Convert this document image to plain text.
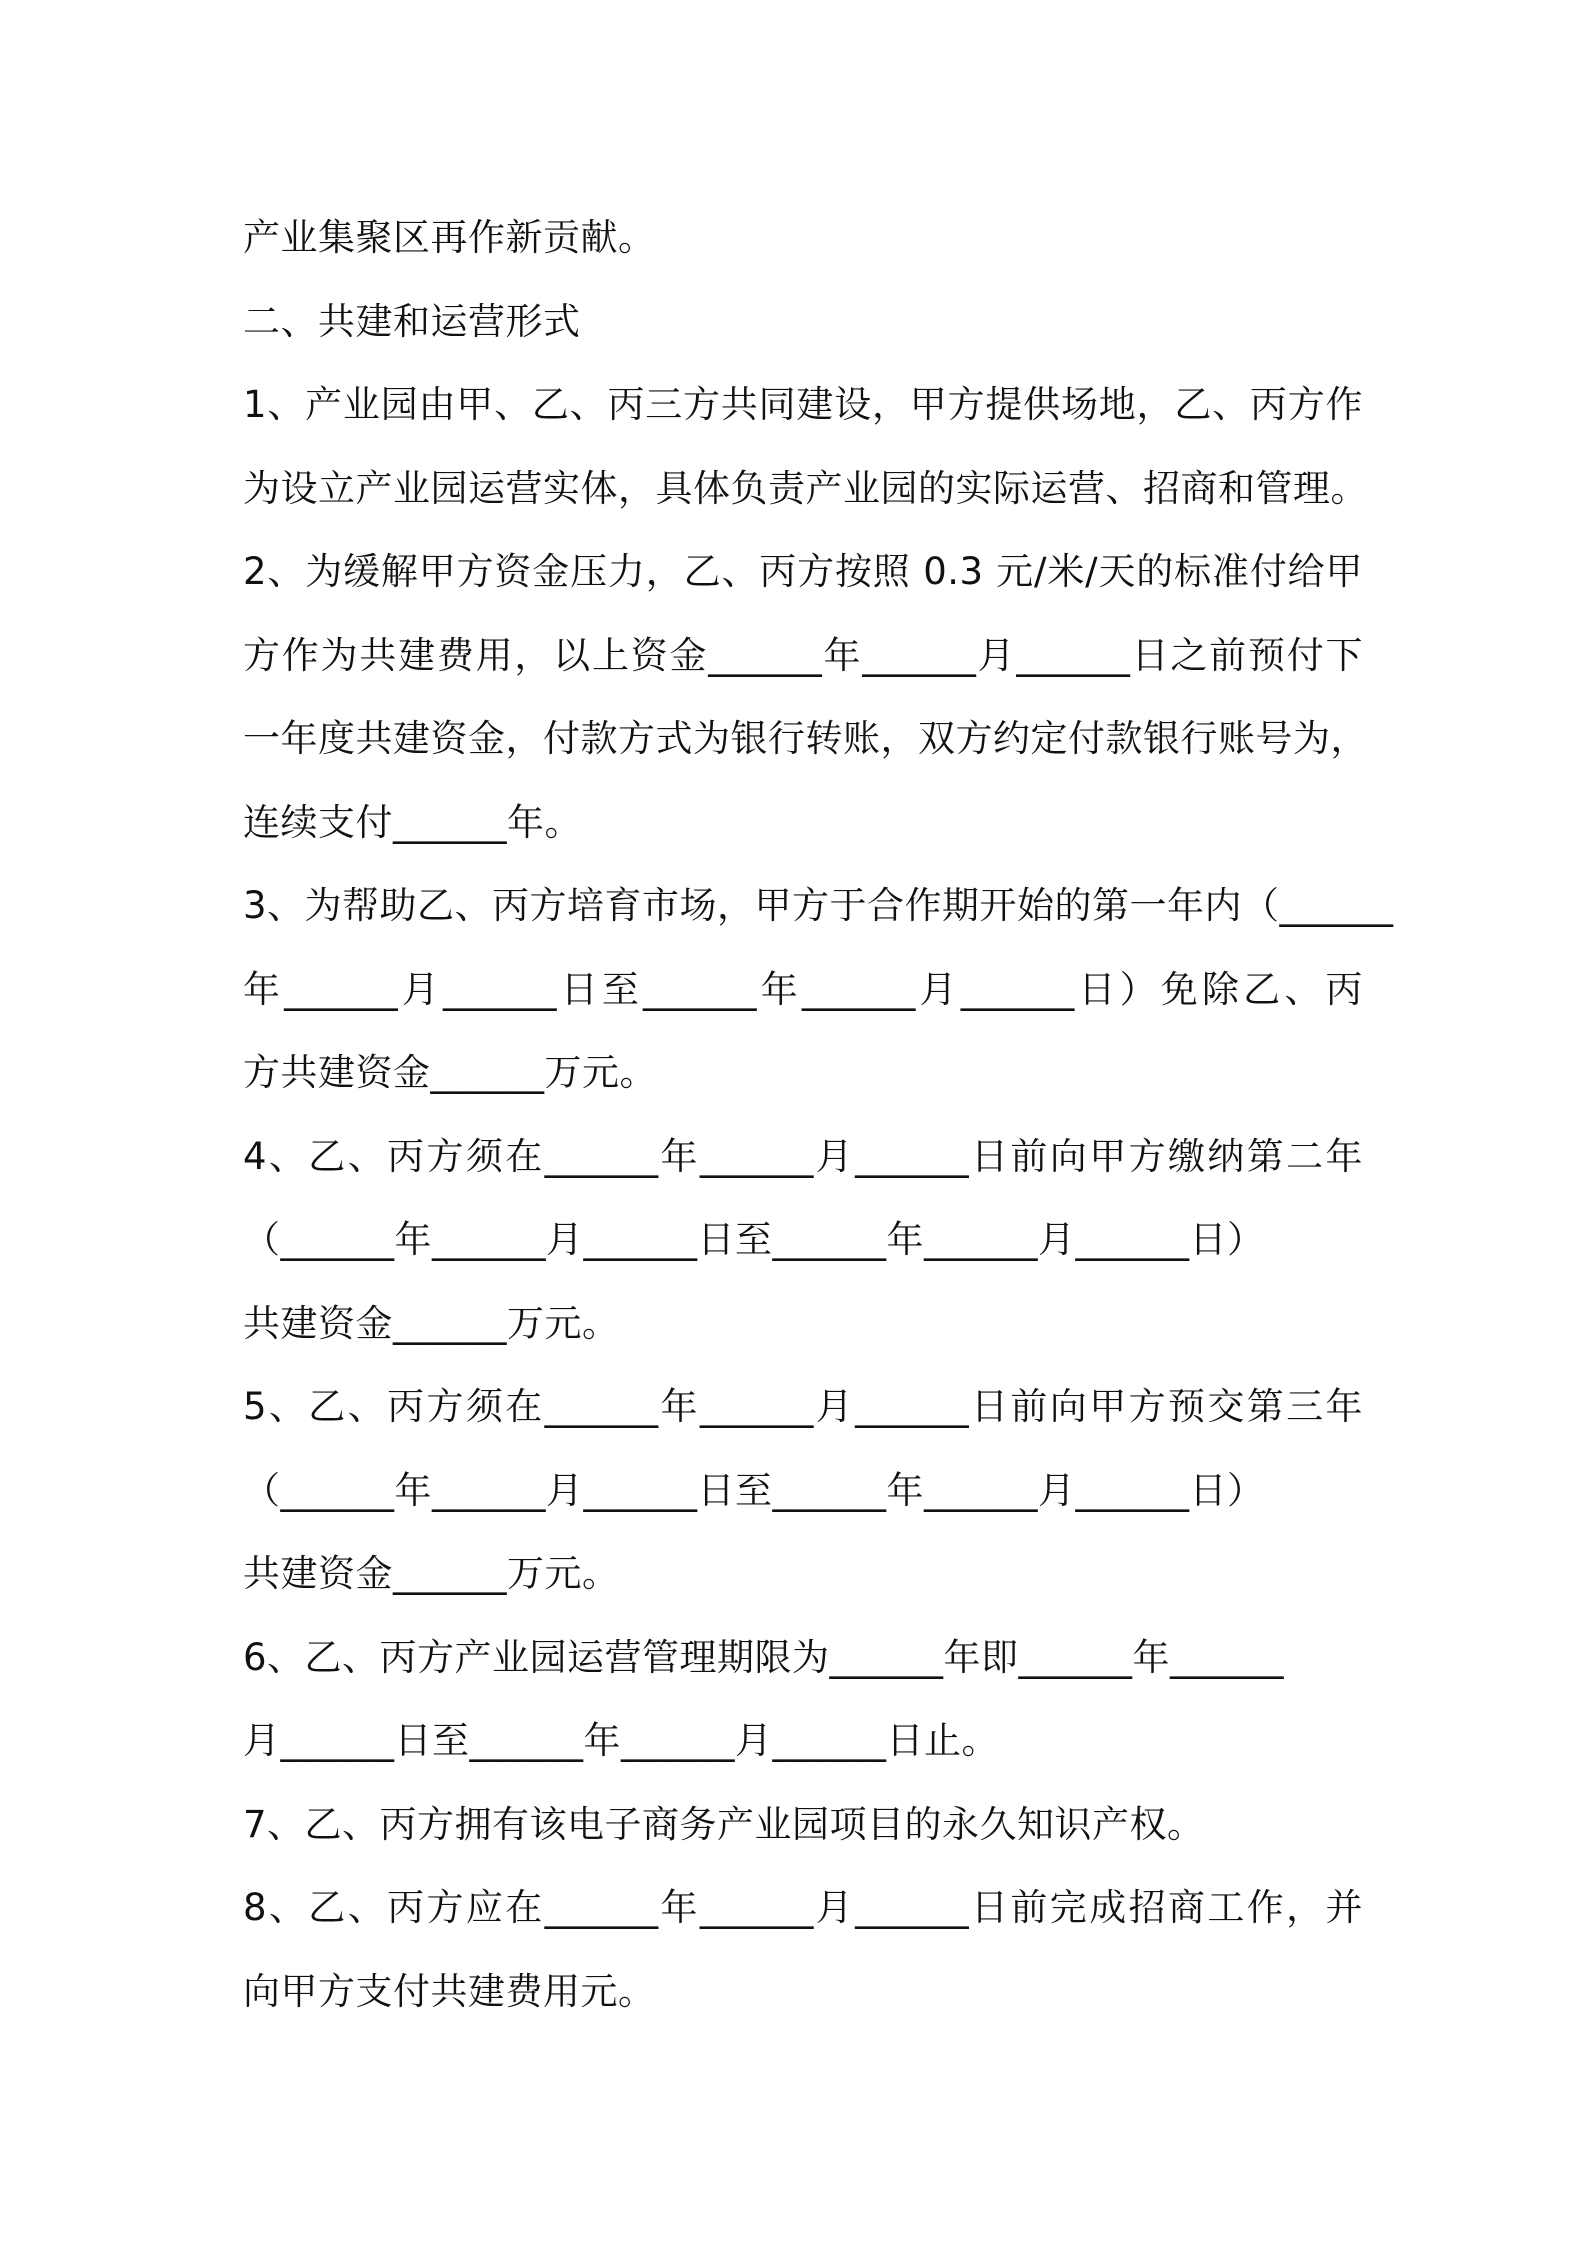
产业集聚区再作新贡献。
二、共建和运营形式
1、产业园由甲、乙、丙三方共同建设，甲方提供场地，乙、丙方作
为设立产业园运营实体，具体负责产业园的实际运营、招商和管理。
2、为缓解甲方资金压力，乙、丙方按照 0.3 元/米/天的标准付给甲
方作为共建费用，以上资金______年______月______日之前预付下
一年度共建资金，付款方式为银行转账，双方约定付款银行账号为，
连续支付______年。
3、为帮助乙、丙方培育市场，甲方于合作期开始的第一年内（______
年______月______日至______年______月______日）免除乙、丙
方共建资金______万元。
4、乙、丙方须在______年______月______日前向甲方缴纳第二年
（______年______月______日至______年______月______日）
共建资金______万元。
5、乙、丙方须在______年______月______日前向甲方预交第三年
（______年______月______日至______年______月______日）
共建资金______万元。
6、乙、丙方产业园运营管理期限为______年即______年______
月______日至______年______月______日止。
7、乙、丙方拥有该电子商务产业园项目的永久知识产权。
8、乙、丙方应在______年______月______日前完成招商工作，并
向甲方支付共建费用元。
